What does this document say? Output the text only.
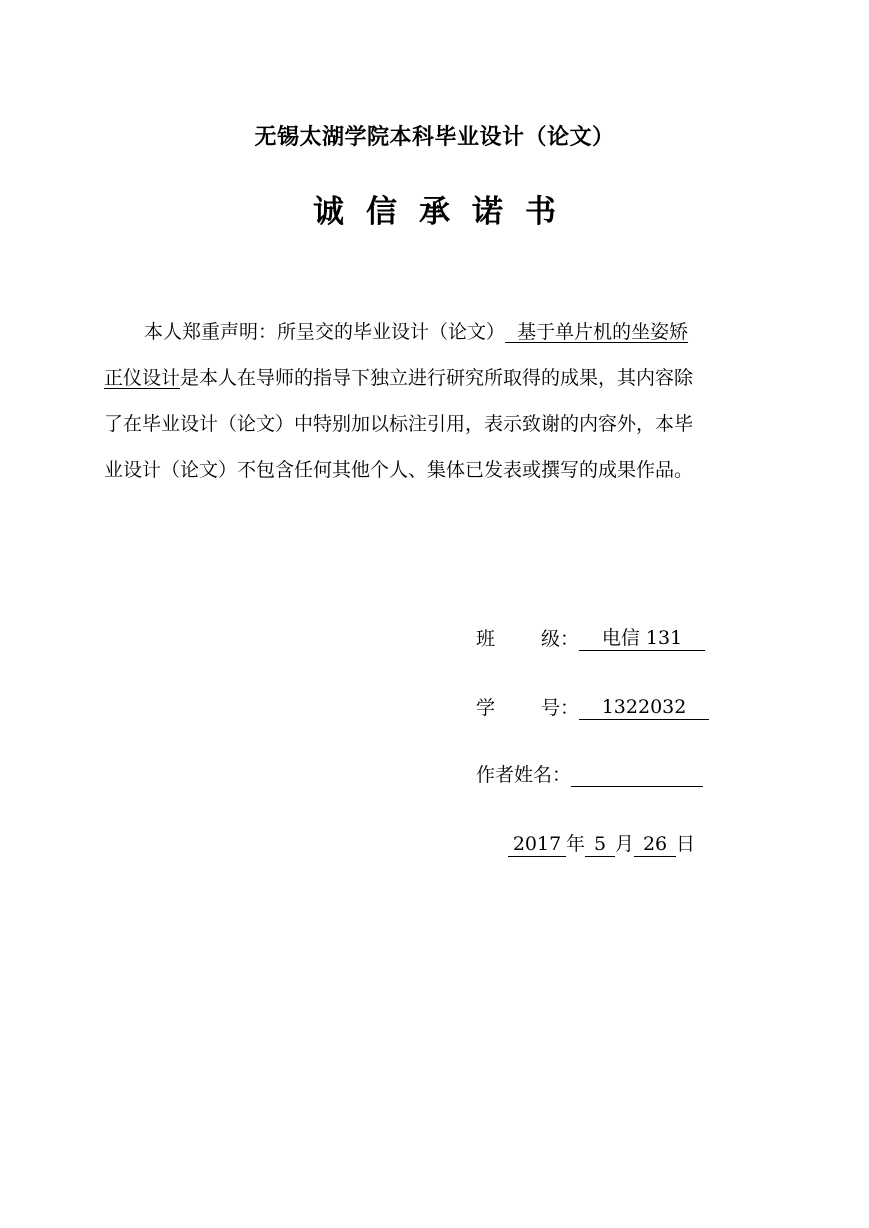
无锡太湖学院本科毕业设计（论文）
诚 信 承 诺 书
本人郑重声明：所呈交的毕业设计（论文）  基于单片机的坐姿矫
正仪设计是本人在导师的指导下独立进行研究所取得的成果，其内容除
了在毕业设计（论文）中特别加以标注引用，表示致谢的内容外，本毕
业设计（论文）不包含任何其他个人、集体已发表或撰写的成果作品。
班 级：	电信 131
学 号：	1322032
作者姓名：
2017 年 5 月 26 日
